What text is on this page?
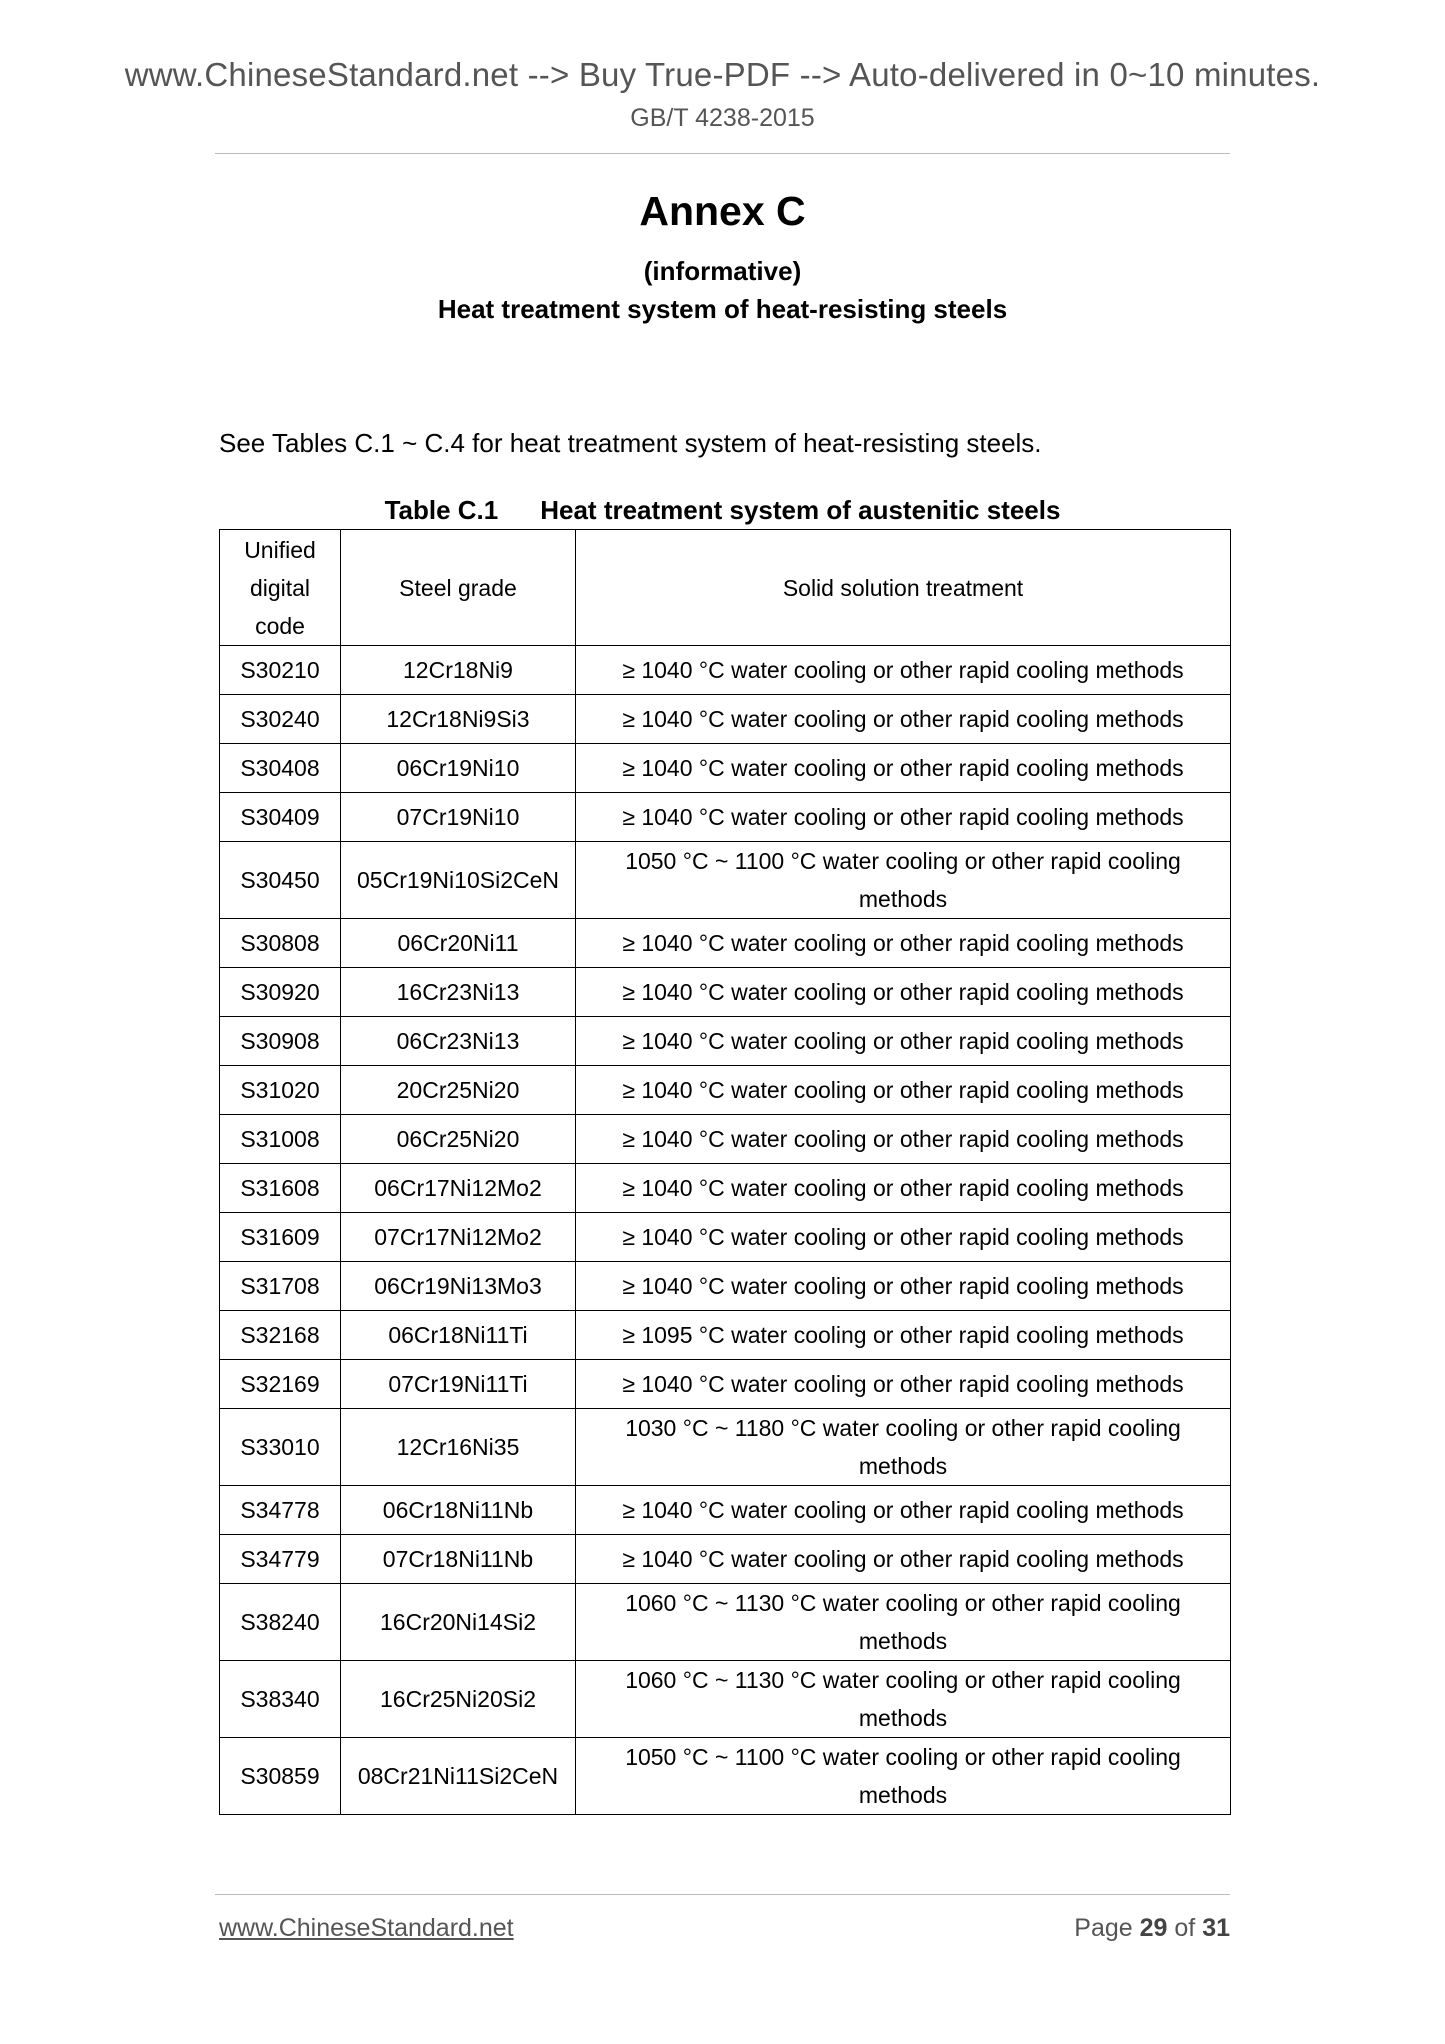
www.ChineseStandard.net --> Buy True-PDF --> Auto-delivered in 0~10 minutes.
GB/T 4238-2015
Annex C
(informative)
Heat treatment system of heat-resisting steels
See Tables C.1 ~ C.4 for heat treatment system of heat-resisting steels.
Table C.1 Heat treatment system of austenitic steels
Unified
digital
code	Steel grade	Solid solution treatment
S30210	12Cr18Ni9	≥ 1040 °C water cooling or other rapid cooling methods
S30240	12Cr18Ni9Si3	≥ 1040 °C water cooling or other rapid cooling methods
S30408	06Cr19Ni10	≥ 1040 °C water cooling or other rapid cooling methods
S30409	07Cr19Ni10	≥ 1040 °C water cooling or other rapid cooling methods
S30450	05Cr19Ni10Si2CeN	1050 °C ~ 1100 °C water cooling or other rapid cooling methods
S30808	06Cr20Ni11	≥ 1040 °C water cooling or other rapid cooling methods
S30920	16Cr23Ni13	≥ 1040 °C water cooling or other rapid cooling methods
S30908	06Cr23Ni13	≥ 1040 °C water cooling or other rapid cooling methods
S31020	20Cr25Ni20	≥ 1040 °C water cooling or other rapid cooling methods
S31008	06Cr25Ni20	≥ 1040 °C water cooling or other rapid cooling methods
S31608	06Cr17Ni12Mo2	≥ 1040 °C water cooling or other rapid cooling methods
S31609	07Cr17Ni12Mo2	≥ 1040 °C water cooling or other rapid cooling methods
S31708	06Cr19Ni13Mo3	≥ 1040 °C water cooling or other rapid cooling methods
S32168	06Cr18Ni11Ti	≥ 1095 °C water cooling or other rapid cooling methods
S32169	07Cr19Ni11Ti	≥ 1040 °C water cooling or other rapid cooling methods
S33010	12Cr16Ni35	1030 °C ~ 1180 °C water cooling or other rapid cooling methods
S34778	06Cr18Ni11Nb	≥ 1040 °C water cooling or other rapid cooling methods
S34779	07Cr18Ni11Nb	≥ 1040 °C water cooling or other rapid cooling methods
S38240	16Cr20Ni14Si2	1060 °C ~ 1130 °C water cooling or other rapid cooling methods
S38340	16Cr25Ni20Si2	1060 °C ~ 1130 °C water cooling or other rapid cooling methods
S30859	08Cr21Ni11Si2CeN	1050 °C ~ 1100 °C water cooling or other rapid cooling methods
www.ChineseStandard.net	Page 29 of 31
